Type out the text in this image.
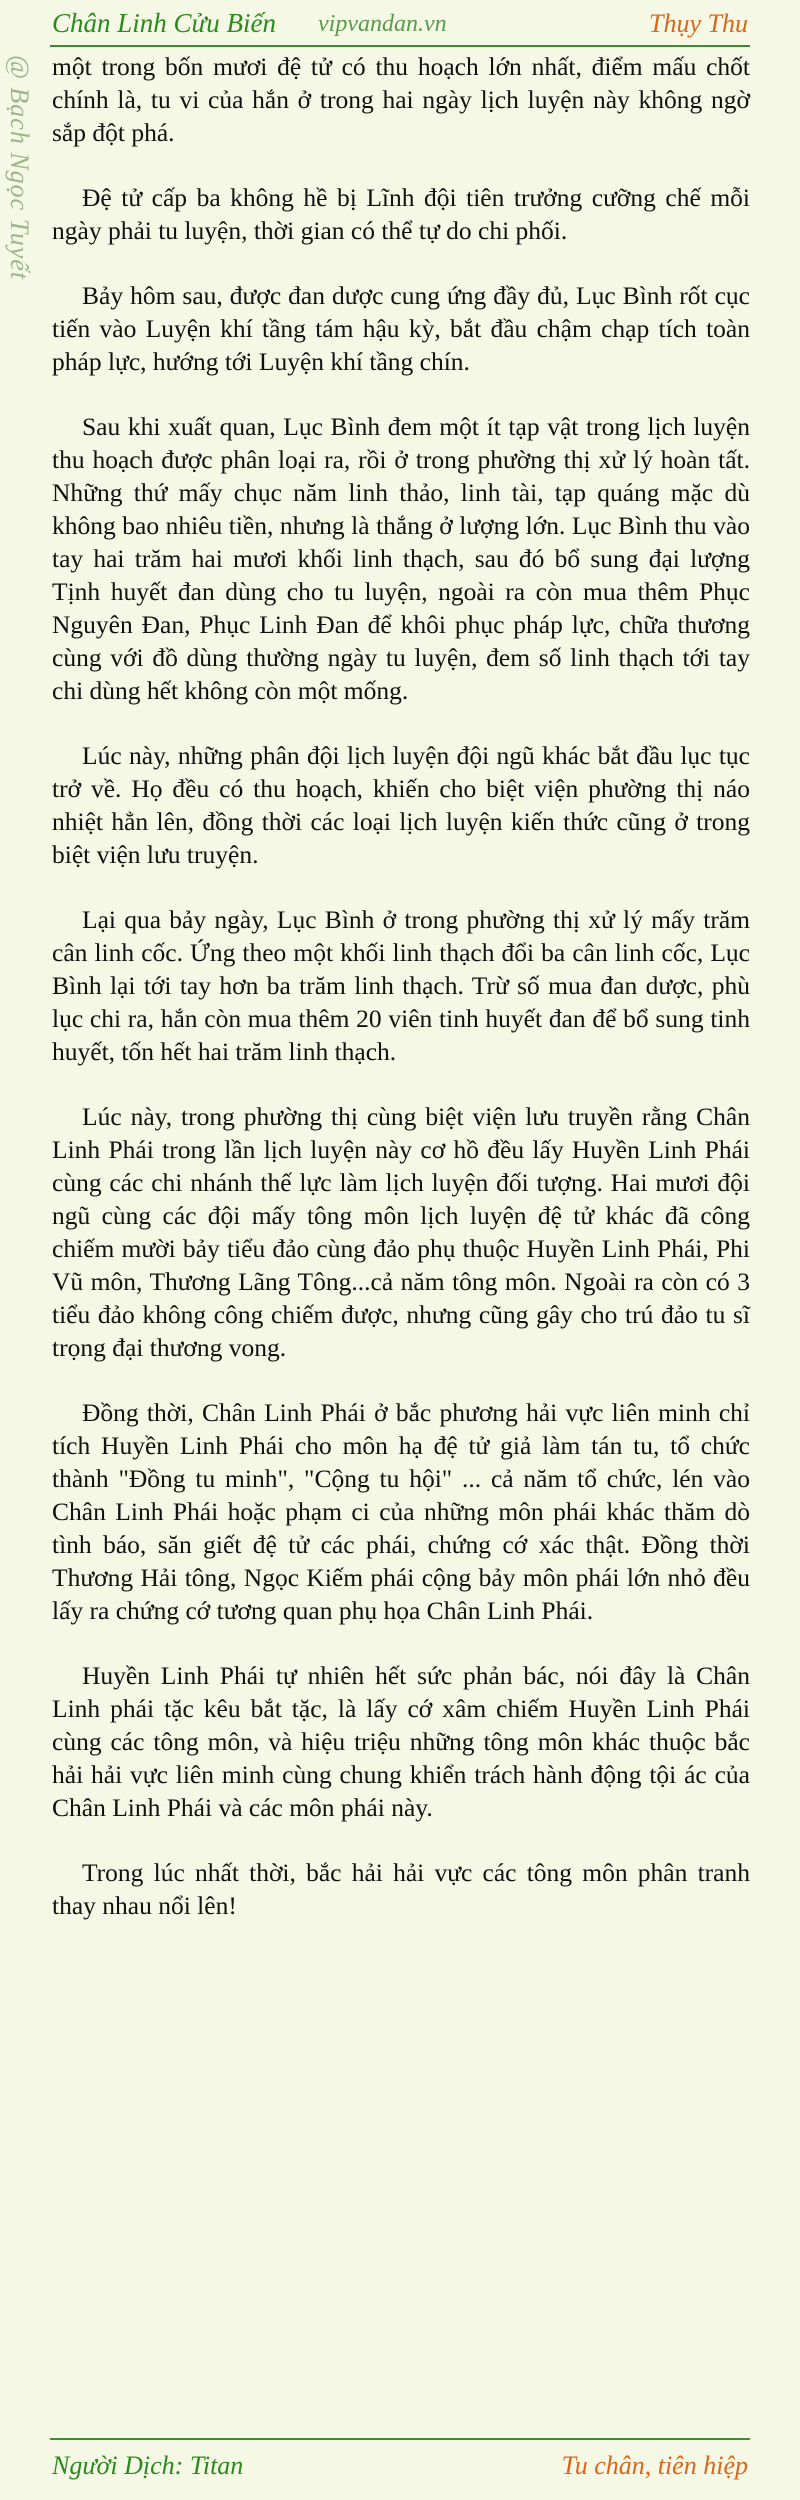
Chân Linh Cửu Biến vipvandan.vn	Thụy Thu
@ Bạch Ngọc Tuyết một trong bốn mươi đệ tử có thu hoạch lớn nhất, điểm mấu chốt chính là, tu vi của hắn ở trong hai ngày lịch luyện này không ngờ sắp đột phá.

Đệ tử cấp ba không hề bị Lĩnh đội tiên trưởng cưỡng chế mỗi ngày phải tu luyện, thời gian có thể tự do chi phối.

Bảy hôm sau, được đan dược cung ứng đầy đủ, Lục Bình rốt cục tiến vào Luyện khí tầng tám hậu kỳ, bắt đầu chậm chạp tích toàn pháp lực, hướng tới Luyện khí tầng chín.

Sau khi xuất quan, Lục Bình đem một ít tạp vật trong lịch luyện thu hoạch được phân loại ra, rồi ở trong phường thị xử lý hoàn tất. Những thứ mấy chục năm linh thảo, linh tài, tạp quáng mặc dù không bao nhiêu tiền, nhưng là thắng ở lượng lớn. Lục Bình thu vào tay hai trăm hai mươi khối linh thạch, sau đó bổ sung đại lượng Tịnh huyết đan dùng cho tu luyện, ngoài ra còn mua thêm Phục Nguyên Đan, Phục Linh Đan để khôi phục pháp lực, chữa thương cùng với đồ dùng thường ngày tu luyện, đem số linh thạch tới tay chi dùng hết không còn một mống.

Lúc này, những phân đội lịch luyện đội ngũ khác bắt đầu lục tục trở về. Họ đều có thu hoạch, khiến cho biệt viện phường thị náo nhiệt hẳn lên, đồng thời các loại lịch luyện kiến thức cũng ở trong biệt viện lưu truyện.

Lại qua bảy ngày, Lục Bình ở trong phường thị xử lý mấy trăm cân linh cốc. Ứng theo một khối linh thạch đổi ba cân linh cốc, Lục Bình lại tới tay hơn ba trăm linh thạch. Trừ số mua đan dược, phù lục chi ra, hắn còn mua thêm 20 viên tinh huyết đan để bổ sung tinh huyết, tốn hết hai trăm linh thạch.

Lúc này, trong phường thị cùng biệt viện lưu truyền rằng Chân Linh Phái trong lần lịch luyện này cơ hồ đều lấy Huyền Linh Phái cùng các chi nhánh thế lực làm lịch luyện đối tượng. Hai mươi đội ngũ cùng các đội mấy tông môn lịch luyện đệ tử khác đã công chiếm mười bảy tiểu đảo cùng đảo phụ thuộc Huyền Linh Phái, Phi Vũ môn, Thương Lãng Tông...cả năm tông môn. Ngoài ra còn có 3 tiểu đảo không công chiếm được, nhưng cũng gây cho trú đảo tu sĩ trọng đại thương vong.

Đồng thời, Chân Linh Phái ở bắc phương hải vực liên minh chỉ tích Huyền Linh Phái cho môn hạ đệ tử giả làm tán tu, tổ chức thành "Đồng tu minh", "Cộng tu hội" ... cả năm tổ chức, lén vào Chân Linh Phái hoặc phạm ci của những môn phái khác thăm dò tình báo, săn giết đệ tử các phái, chứng cớ xác thật. Đồng thời Thương Hải tông, Ngọc Kiếm phái cộng bảy môn phái lớn nhỏ đều lấy ra chứng cớ tương quan phụ họa Chân Linh Phái.

Huyền Linh Phái tự nhiên hết sức phản bác, nói đây là Chân Linh phái tặc kêu bắt tặc, là lấy cớ xâm chiếm Huyền Linh Phái cùng các tông môn, và hiệu triệu những tông môn khác thuộc bắc hải hải vực liên minh cùng chung khiển trách hành động tội ác của Chân Linh Phái và các môn phái này.

Trong lúc nhất thời, bắc hải hải vực các tông môn phân tranh thay nhau nổi lên!

Người Dịch: Titan	Tu chân, tiên hiệp
